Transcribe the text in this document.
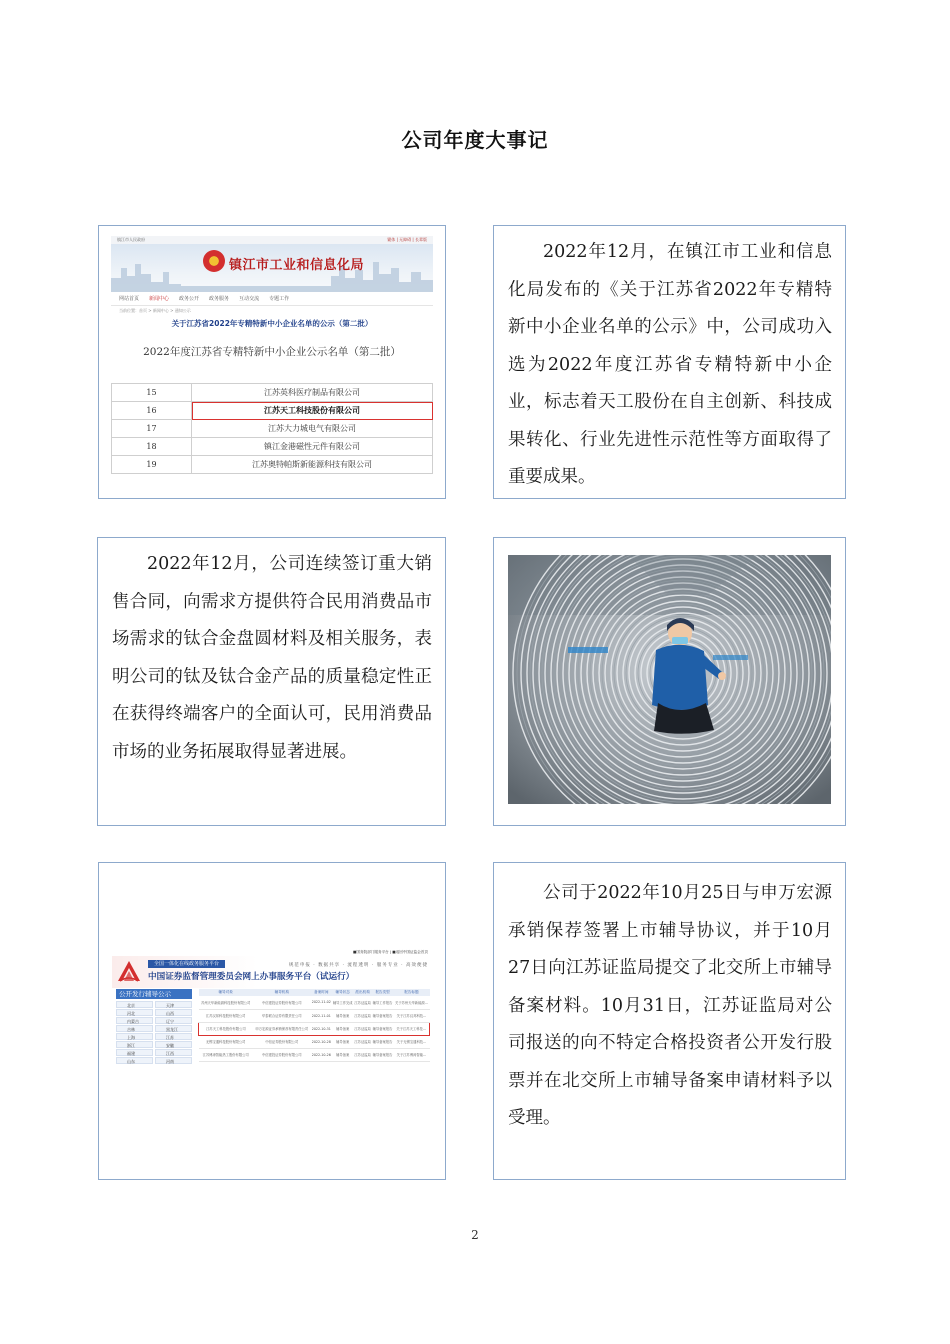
公司年度大事记
镇江市人民政府	繁体 | 无障碍 | 长辈版
镇江市工业和信息化局
网站首页 新闻中心 政务公开 政务服务 互动交流 专题工作
当前位置：首页 > 新闻中心 > 通知公示
关于江苏省2022年专精特新中小企业名单的公示（第二批）
2022年度江苏省专精特新中小企业公示名单（第二批）
15	江苏英科医疗制品有限公司
16	江苏天工科技股份有限公司
17	江苏大力城电气有限公司
18	镇江金港磁性元件有限公司
19	江苏奥特帕斯新能源科技有限公司

2022年12月，在镇江市工业和信息化局发布的《关于江苏省2022年专精特新中小企业名单的公示》中，公司成功入选为2022年度江苏省专精特新中小企业，标志着天工股份在自主创新、科技成果转化、行业先进性示范性等方面取得了重要成果。

2022年12月，公司连续签订重大销售合同，向需求方提供符合民用消费品市场需求的钛合金盘圆材料及相关服务，表明公司的钛及钛合金产品的质量稳定性正在获得终端客户的全面认可，民用消费品市场的业务拓展取得显著进展。

■国务院部门服务平台 | ■返回中国证监会首页
全国一体化在线政务服务平台
中国证券监督管理委员会网上办事服务平台（试运行）
规范申报 · 数据共享 · 流程透明 · 服务专业 · 高效便捷
公开发行辅导公示
北京	天津
河北	山西
内蒙古	辽宁
吉林	黑龙江
上海	江苏
浙江	安徽
福建	江西
山东	河南
辅导对象	辅导机构	备案时间	辅导状态	派出机构	报告类型	报告标题
苏州天华新能源科技股份有限公司	中信建投证券股份有限公司	2022-11-02	辅导工作完成	江苏证监局	辅导工作报告	关于苏州天华新能源...
江苏汉邦科技股份有限公司	华泰联合证券有限责任公司	2022-11-01	辅导备案	江苏证监局	辅导备案报告	关于江苏汉邦科技...
江苏天工科技股份有限公司	申万宏源证券承销保荐有限责任公司	2022-10-31	辅导备案	江苏证监局	辅导备案报告	关于江苏天工科技...
无锡宝通科技股份有限公司	中信证券股份有限公司	2022-10-28	辅导备案	江苏证监局	辅导备案报告	关于无锡宝通科技...
江苏博涛智能热工股份有限公司	中信建投证券股份有限公司	2022-10-26	辅导备案	江苏证监局	辅导备案报告	关于江苏博涛智能...

公司于2022年10月25日与申万宏源承销保荐签署上市辅导协议，并于10月27日向江苏证监局提交了北交所上市辅导备案材料。10月31日，江苏证监局对公司报送的向不特定合格投资者公开发行股票并在北交所上市辅导备案申请材料予以受理。

2
